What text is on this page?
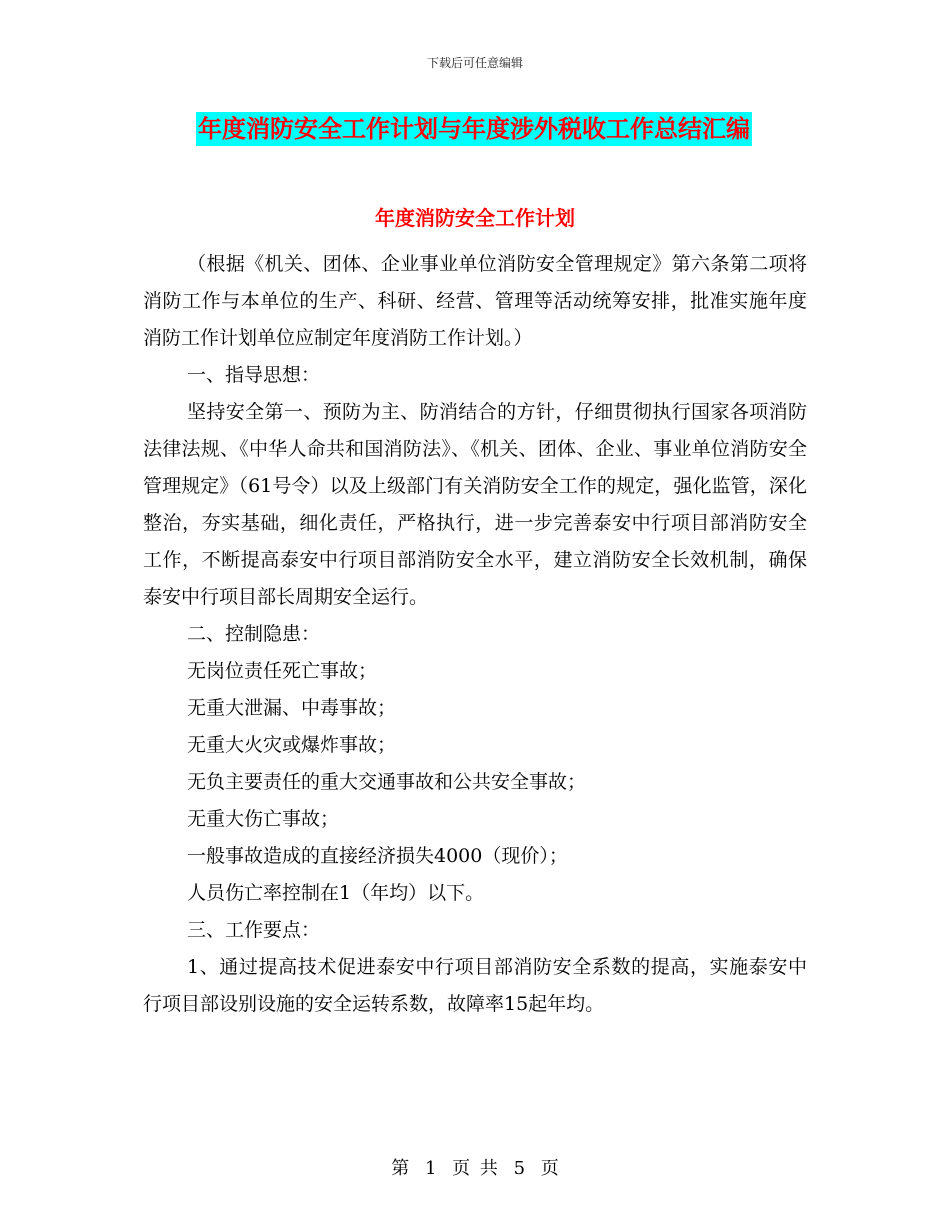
下载后可任意编辑
年度消防安全工作计划与年度涉外税收工作总结汇编
年度消防安全工作计划

（根据《机关、团体、企业事业单位消防安全管理规定》第六条第二项将消防工作与本单位的生产、科研、经营、管理等活动统筹安排，批准实施年度消防工作计划单位应制定年度消防工作计划。）

一、指导思想：

坚持安全第一、预防为主、防消结合的方针，仔细贯彻执行国家各项消防法律法规、《中华人命共和国消防法》、《机关、团体、企业、事业单位消防安全管理规定》（61号令）以及上级部门有关消防安全工作的规定，强化监管，深化整治，夯实基础，细化责任，严格执行，进一步完善泰安中行项目部消防安全工作，不断提高泰安中行项目部消防安全水平，建立消防安全长效机制，确保泰安中行项目部长周期安全运行。

二、控制隐患：

无岗位责任死亡事故；

无重大泄漏、中毒事故；

无重大火灾或爆炸事故；

无负主要责任的重大交通事故和公共安全事故；

无重大伤亡事故；

一般事故造成的直接经济损失4000（现价）；

人员伤亡率控制在1（年均）以下。

三、工作要点：

1、通过提高技术促进泰安中行项目部消防安全系数的提高，实施泰安中行项目部设别设施的安全运转系数，故障率15起年均。

第 1 页 共 5 页
